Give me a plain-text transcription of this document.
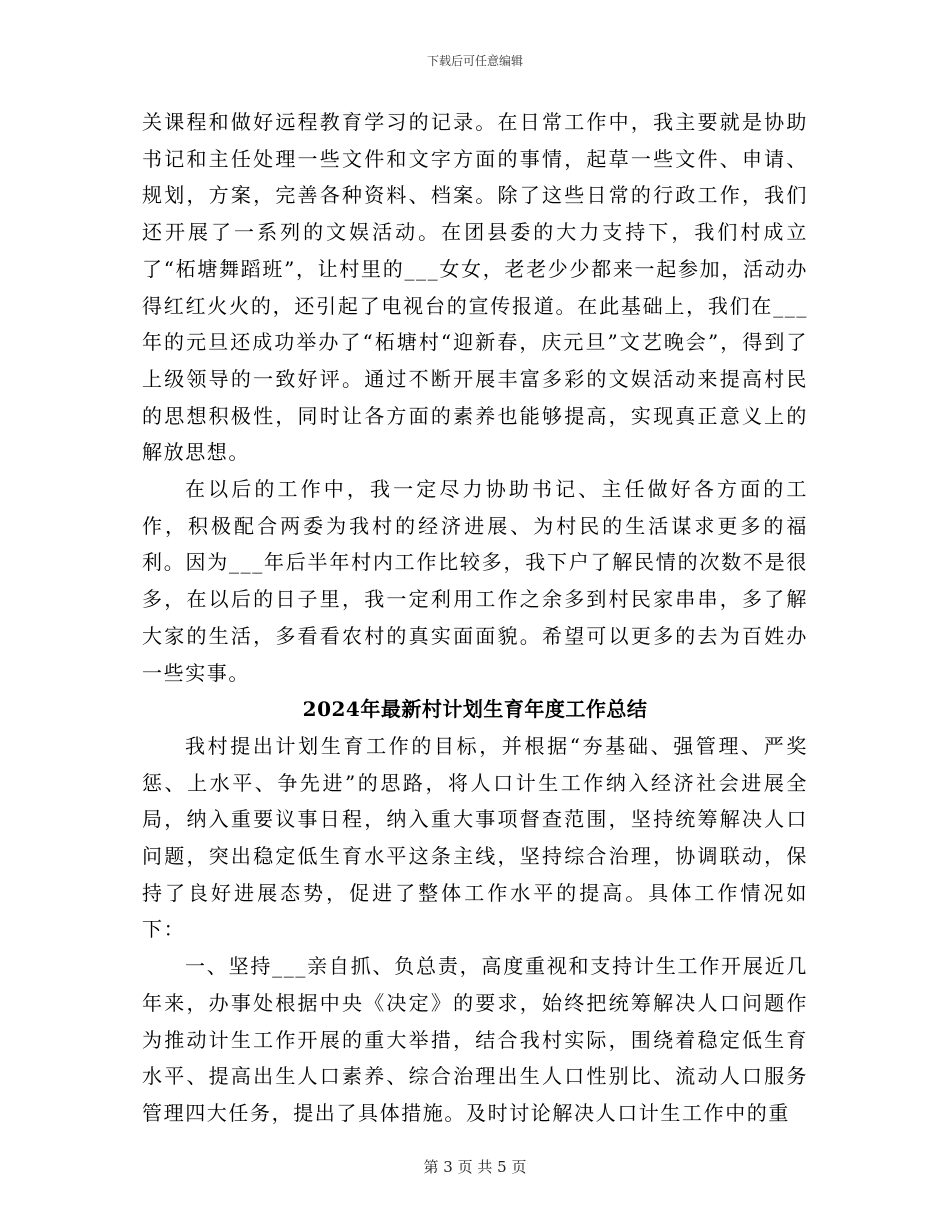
下载后可任意编辑

关课程和做好远程教育学习的记录。在日常工作中，我主要就是协助书记和主任处理一些文件和文字方面的事情，起草一些文件、申请、规划，方案，完善各种资料、档案。除了这些日常的行政工作，我们还开展了一系列的文娱活动。在团县委的大力支持下，我们村成立了“柘塘舞蹈班”，让村里的___女女，老老少少都来一起参加，活动办得红红火火的，还引起了电视台的宣传报道。在此基础上，我们在___年的元旦还成功举办了“柘塘村“迎新春，庆元旦”文艺晚会”，得到了上级领导的一致好评。通过不断开展丰富多彩的文娱活动来提高村民的思想积极性，同时让各方面的素养也能够提高，实现真正意义上的解放思想。

在以后的工作中，我一定尽力协助书记、主任做好各方面的工作，积极配合两委为我村的经济进展、为村民的生活谋求更多的福利。因为___年后半年村内工作比较多，我下户了解民情的次数不是很多，在以后的日子里，我一定利用工作之余多到村民家串串，多了解大家的生活，多看看农村的真实面面貌。希望可以更多的去为百姓办一些实事。

2024年最新村计划生育年度工作总结

我村提出计划生育工作的目标，并根据“夯基础、强管理、严奖惩、上水平、争先进”的思路，将人口计生工作纳入经济社会进展全局，纳入重要议事日程，纳入重大事项督查范围，坚持统筹解决人口问题，突出稳定低生育水平这条主线，坚持综合治理，协调联动，保持了良好进展态势，促进了整体工作水平的提高。具体工作情况如下：

一、坚持___亲自抓、负总责，高度重视和支持计生工作开展近几年来，办事处根据中央《决定》的要求，始终把统筹解决人口问题作为推动计生工作开展的重大举措，结合我村实际，围绕着稳定低生育水平、提高出生人口素养、综合治理出生人口性别比、流动人口服务管理四大任务，提出了具体措施。及时讨论解决人口计生工作中的重

第 3 页 共 5 页
